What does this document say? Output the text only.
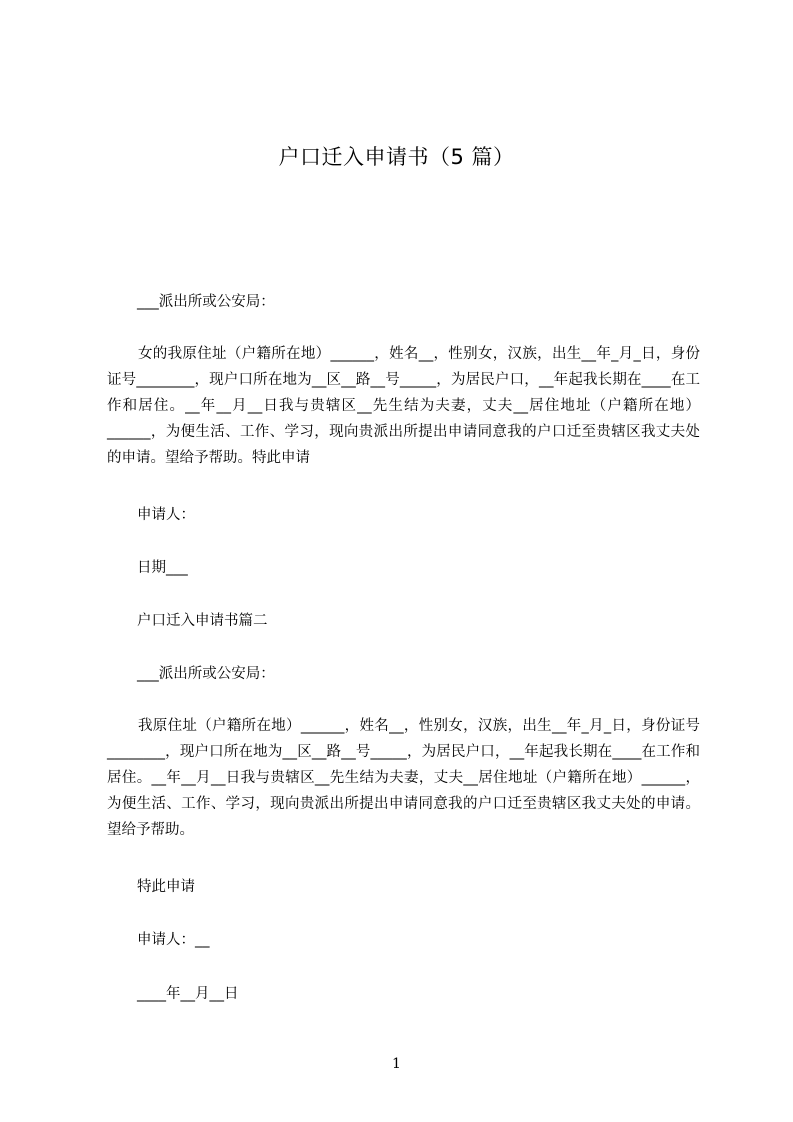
户口迁入申请书（5 篇）
___派出所或公安局：
女的我原住址（户籍所在地）______，姓名__，性别女，汉族，出生__年_月_日，身份证号________，现户口所在地为__区__路__号_____，为居民户口，__年起我长期在____在工作和居住。__年__月__日我与贵辖区__先生结为夫妻，丈夫__居住地址（户籍所在地）______，为便生活、工作、学习，现向贵派出所提出申请同意我的户口迁至贵辖区我丈夫处的申请。望给予帮助。特此申请
申请人：
日期___
户口迁入申请书篇二
___派出所或公安局：
我原住址（户籍所在地）______，姓名__，性别女，汉族，出生__年_月_日，身份证号________，现户口所在地为__区__路__号_____，为居民户口，__年起我长期在____在工作和居住。__年__月__日我与贵辖区__先生结为夫妻，丈夫__居住地址（户籍所在地）______，为便生活、工作、学习，现向贵派出所提出申请同意我的户口迁至贵辖区我丈夫处的申请。望给予帮助。
特此申请
申请人：__
____年__月__日
1
